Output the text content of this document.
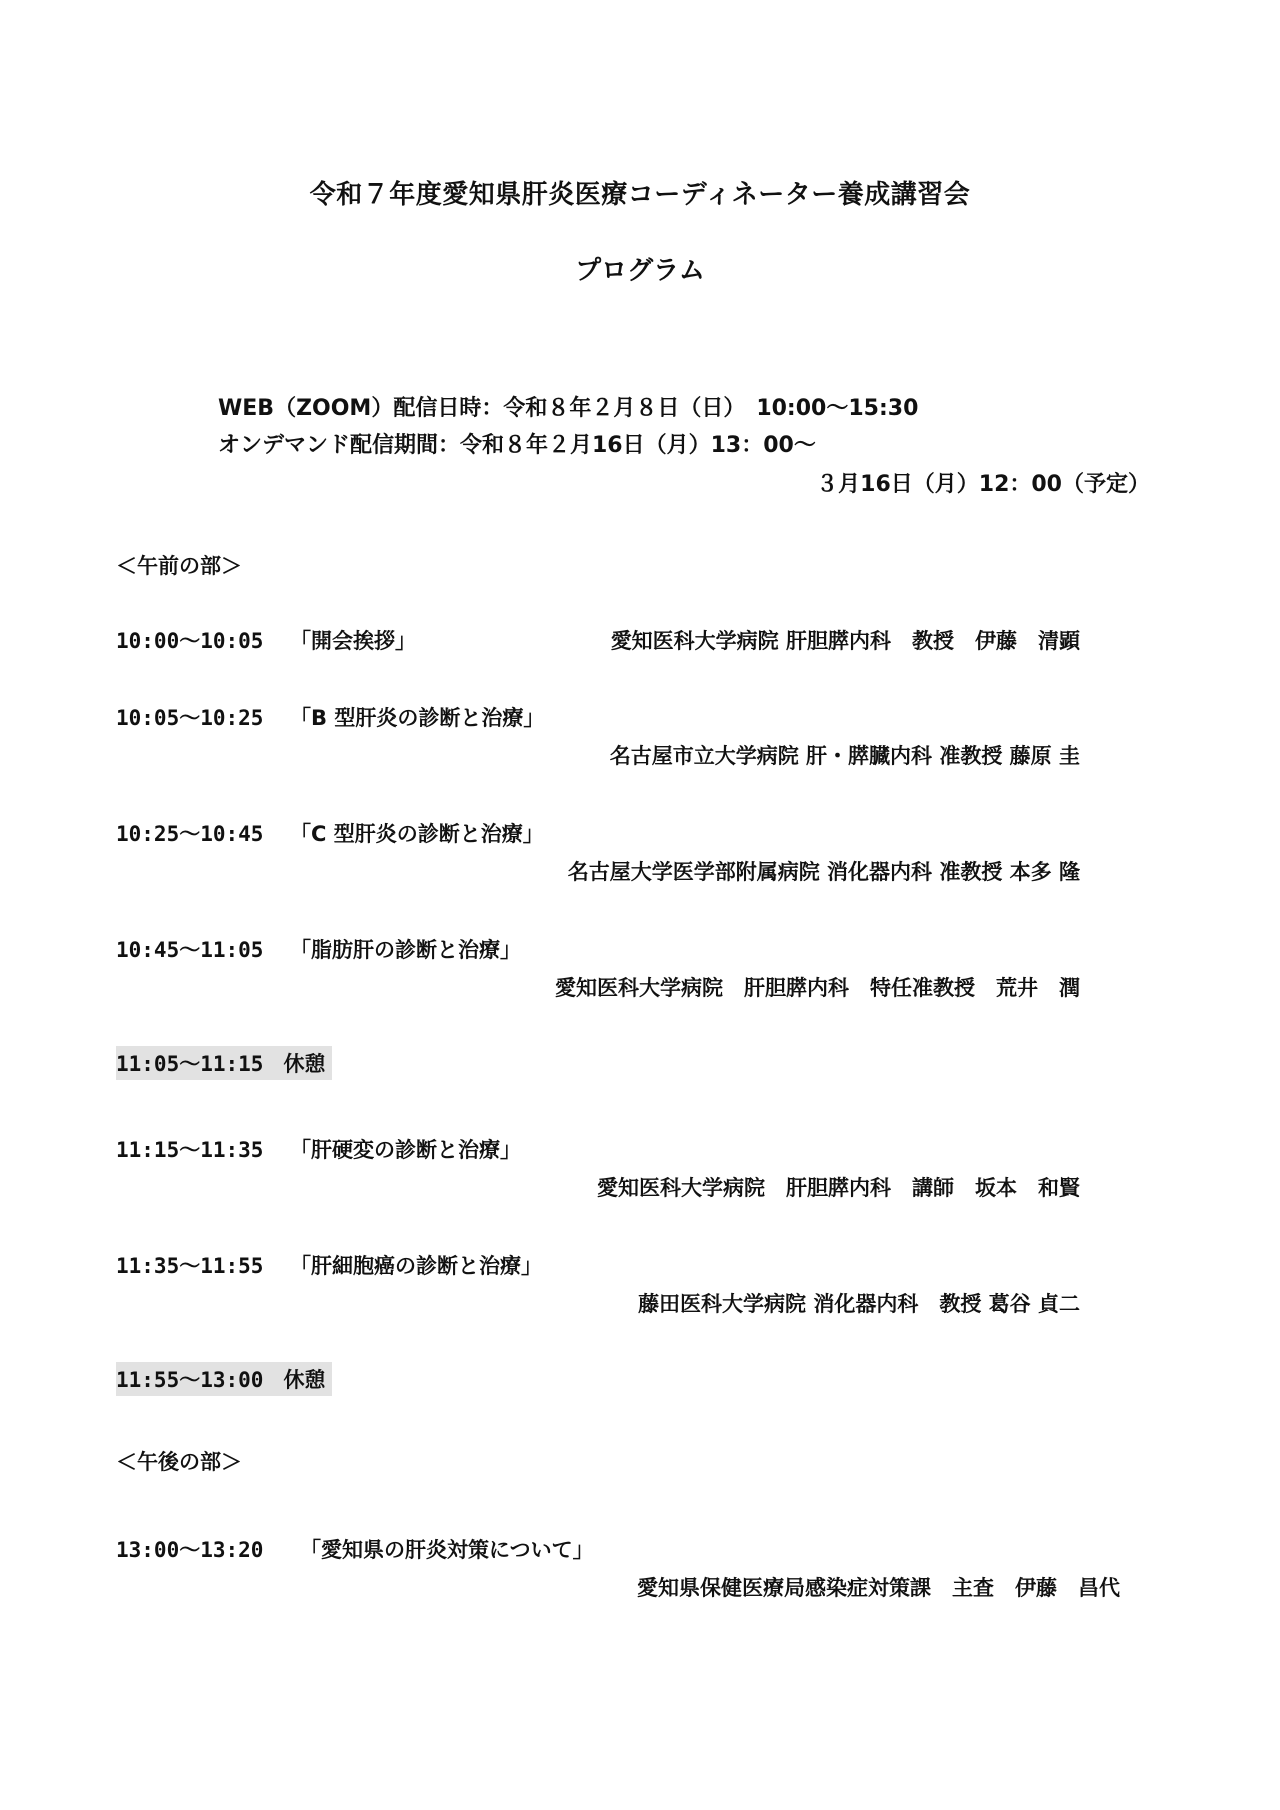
令和７年度愛知県肝炎医療コーディネーター養成講習会
プログラム
WEB（ZOOM）配信日時：令和８年２月８日（日）　10:00～15:30
オンデマンド配信期間：令和８年２月16日（月）13：00～
３月16日（月）12：00（予定）
＜午前の部＞
10:00～10:05 「開会挨拶」	愛知医科大学病院 肝胆膵内科　教授　伊藤　清顕
10:05～10:25 「B 型肝炎の診断と治療」
名古屋市立大学病院 肝・膵臓内科 准教授 藤原 圭
10:25～10:45 「C 型肝炎の診断と治療」
名古屋大学医学部附属病院 消化器内科 准教授 本多 隆
10:45～11:05 「脂肪肝の診断と治療」
愛知医科大学病院　肝胆膵内科　特任准教授　荒井　潤
11:05～11:15 休憩
11:15～11:35 「肝硬変の診断と治療」
愛知医科大学病院　肝胆膵内科　講師　坂本　和賢
11:35～11:55 「肝細胞癌の診断と治療」
藤田医科大学病院 消化器内科　教授 葛谷 貞二
11:55～13:00 休憩
＜午後の部＞
13:00～13:20 「愛知県の肝炎対策について」
愛知県保健医療局感染症対策課　主査　伊藤　昌代
